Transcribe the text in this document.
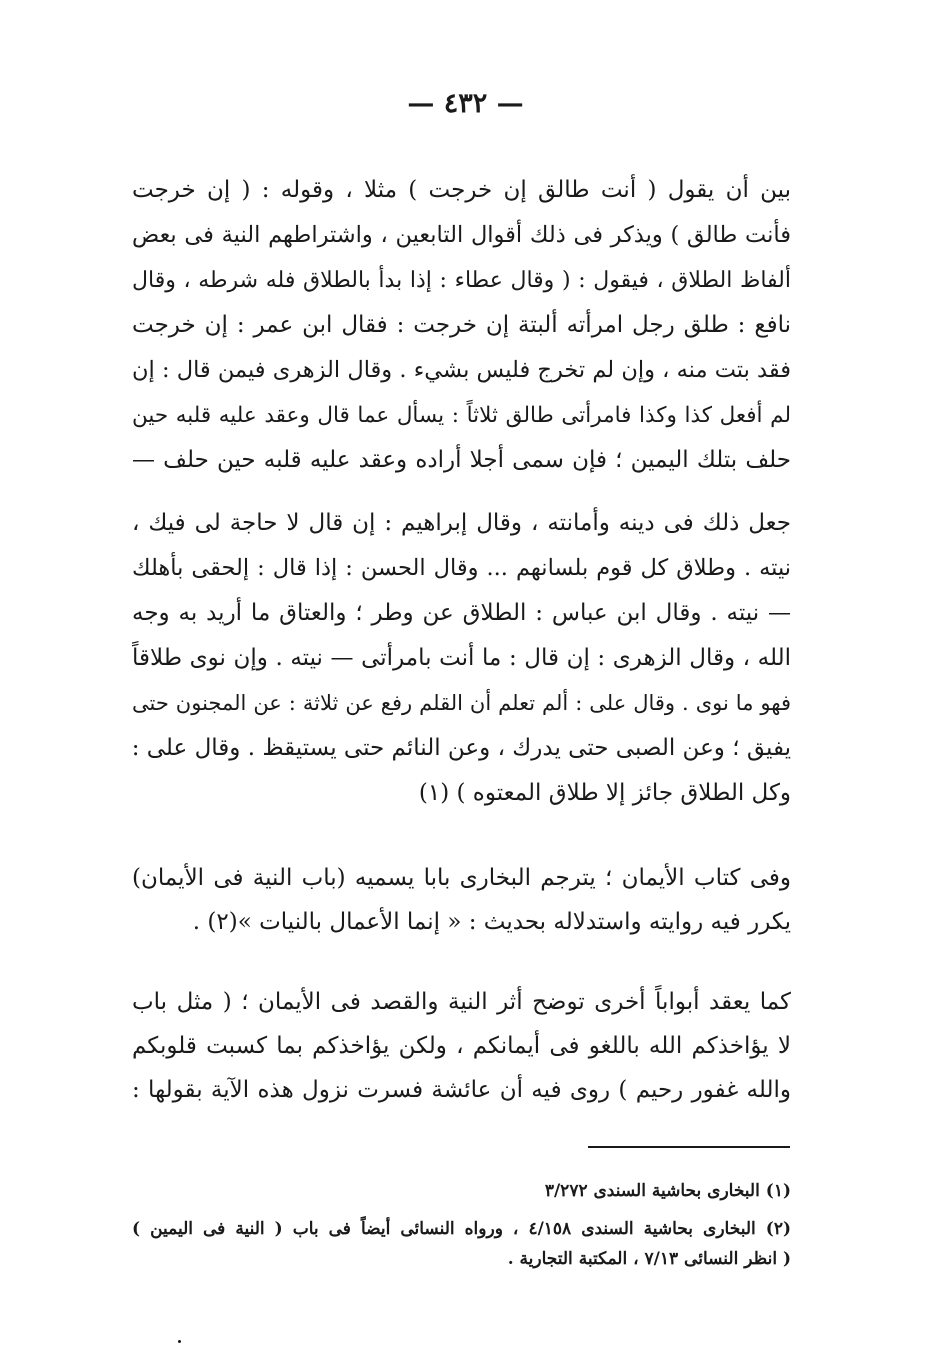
— ٤٣٢ —
بين أن يقول ( أنت طالق إن خرجت ) مثلا ، وقوله : ( إن خرجت
فأنت طالق ) ويذكر فى ذلك أقوال التابعين ، واشتراطهم النية فى بعض
ألفاظ الطلاق ، فيقول : ( وقال عطاء : إذا بدأ بالطلاق فله شرطه ، وقال
نافع : طلق رجل امرأته ألبتة إن خرجت : فقال ابن عمر : إن خرجت
فقد بتت منه ، وإن لم تخرج فليس بشيء . وقال الزهرى فيمن قال : إن
لم أفعل كذا وكذا فامرأتى طالق ثلاثاً : يسأل عما قال وعقد عليه قلبه حين
حلف بتلك اليمين ؛ فإن سمى أجلا أراده وعقد عليه قلبه حين حلف —
جعل ذلك فى دينه وأمانته ، وقال إبراهيم : إن قال لا حاجة لى فيك ،
نيته . وطلاق كل قوم بلسانهم ... وقال الحسن : إذا قال : إلحقى بأهلك
— نيته . وقال ابن عباس : الطلاق عن وطر ؛ والعتاق ما أريد به وجه
الله ، وقال الزهرى : إن قال : ما أنت بامرأتى — نيته . وإن نوى طلاقاً
فهو ما نوى . وقال على : ألم تعلم أن القلم رفع عن ثلاثة : عن المجنون حتى
يفيق ؛ وعن الصبى حتى يدرك ، وعن النائم حتى يستيقظ . وقال على :
وكل الطلاق جائز إلا طلاق المعتوه ) (١)
وفى كتاب الأيمان ؛ يترجم البخارى بابا يسميه (باب النية فى الأيمان)
يكرر فيه روايته واستدلاله بحديث : « إنما الأعمال بالنيات »(٢) .
كما يعقد أبواباً أخرى توضح أثر النية والقصد فى الأيمان ؛ ( مثل باب
لا يؤاخذكم الله باللغو فى أيمانكم ، ولكن يؤاخذكم بما كسبت قلوبكم
والله غفور رحيم ) روى فيه أن عائشة فسرت نزول هذه الآية بقولها :
(١) البخارى بحاشية السندى ٣/٢٧٢
(٢) البخارى بحاشية السندى ٤/١٥٨ ، ورواه النسائى أيضاً فى باب ( النية فى اليمين )
( انظر النسائى ٧/١٣ ، المكتبة التجارية .
